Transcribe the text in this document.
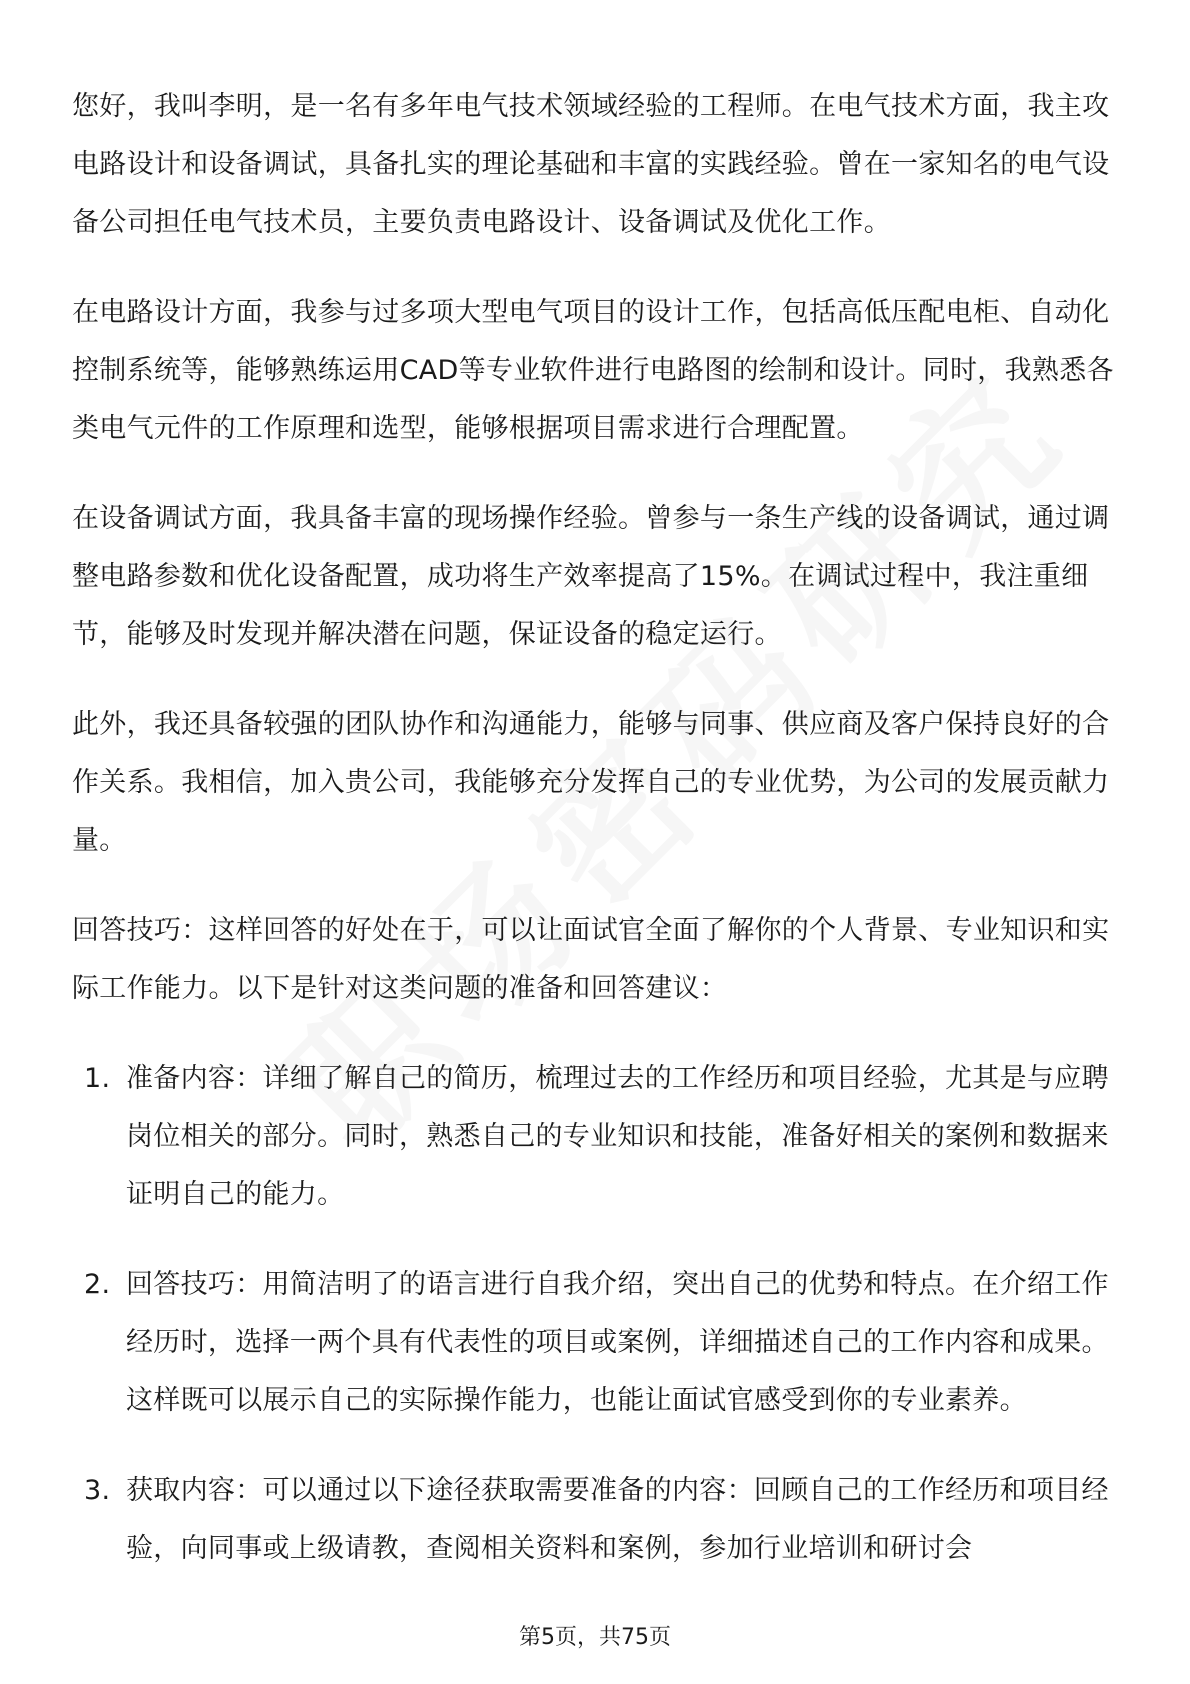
您好，我叫李明，是一名有多年电气技术领域经验的工程师。在电气技术方面，我主攻电路设计和设备调试，具备扎实的理论基础和丰富的实践经验。曾在一家知名的电气设备公司担任电气技术员，主要负责电路设计、设备调试及优化工作。

在电路设计方面，我参与过多项大型电气项目的设计工作，包括高低压配电柜、自动化控制系统等，能够熟练运用CAD等专业软件进行电路图的绘制和设计。同时，我熟悉各类电气元件的工作原理和选型，能够根据项目需求进行合理配置。

在设备调试方面，我具备丰富的现场操作经验。曾参与一条生产线的设备调试，通过调整电路参数和优化设备配置，成功将生产效率提高了15%。在调试过程中，我注重细节，能够及时发现并解决潜在问题，保证设备的稳定运行。

此外，我还具备较强的团队协作和沟通能力，能够与同事、供应商及客户保持良好的合作关系。我相信，加入贵公司，我能够充分发挥自己的专业优势，为公司的发展贡献力量。

回答技巧：这样回答的好处在于，可以让面试官全面了解你的个人背景、专业知识和实际工作能力。以下是针对这类问题的准备和回答建议：

1. 准备内容：详细了解自己的简历，梳理过去的工作经历和项目经验，尤其是与应聘岗位相关的部分。同时，熟悉自己的专业知识和技能，准备好相关的案例和数据来证明自己的能力。
2. 回答技巧：用简洁明了的语言进行自我介绍，突出自己的优势和特点。在介绍工作经历时，选择一两个具有代表性的项目或案例，详细描述自己的工作内容和成果。这样既可以展示自己的实际操作能力，也能让面试官感受到你的专业素养。
3. 获取内容：可以通过以下途径获取需要准备的内容：回顾自己的工作经历和项目经验，向同事或上级请教，查阅相关资料和案例，参加行业培训和研讨会
第5页，共75页
